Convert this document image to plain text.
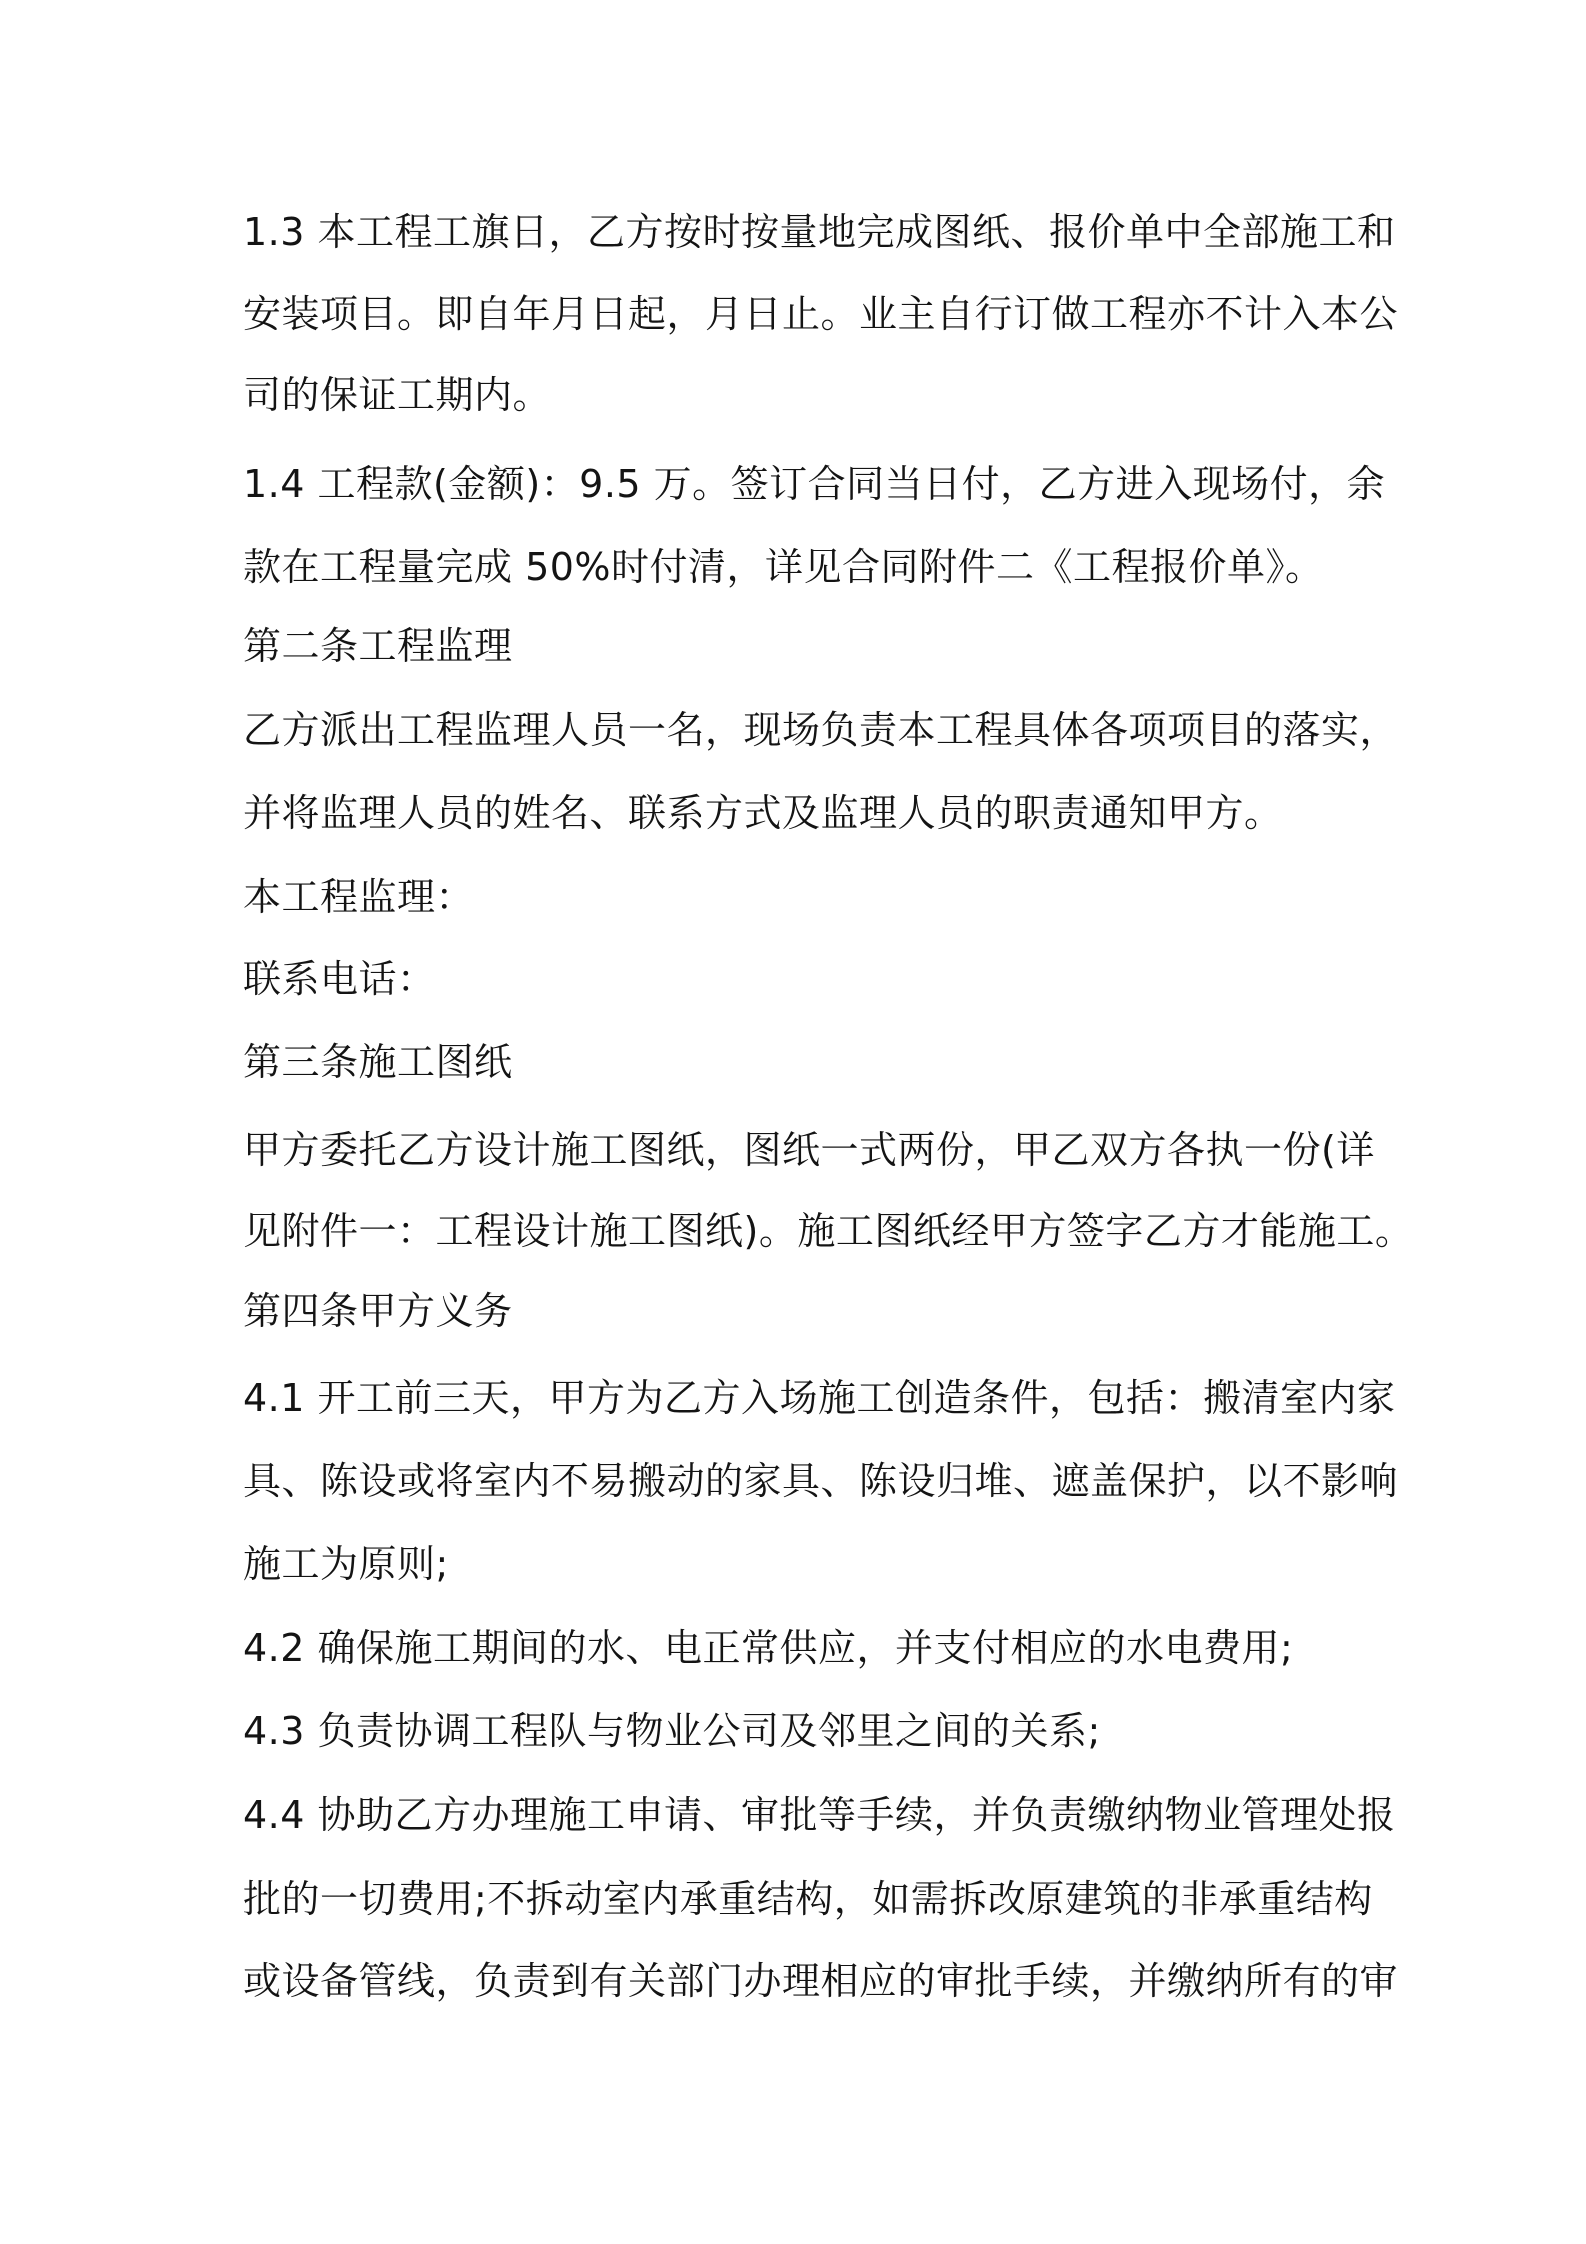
1.3 本工程工旗日，乙方按时按量地完成图纸、报价单中全部施工和
安装项目。即自年月日起，月日止。业主自行订做工程亦不计入本公
司的保证工期内。
1.4 工程款(金额)：9.5 万。签订合同当日付，乙方进入现场付，余
款在工程量完成 50%时付清，详见合同附件二《工程报价单》。
第二条工程监理
乙方派出工程监理人员一名，现场负责本工程具体各项项目的落实，
并将监理人员的姓名、联系方式及监理人员的职责通知甲方。
本工程监理：
联系电话：
第三条施工图纸
甲方委托乙方设计施工图纸，图纸一式两份，甲乙双方各执一份(详
见附件一：工程设计施工图纸)。施工图纸经甲方签字乙方才能施工。
第四条甲方义务
4.1 开工前三天，甲方为乙方入场施工创造条件，包括：搬清室内家
具、陈设或将室内不易搬动的家具、陈设归堆、遮盖保护，以不影响
施工为原则;
4.2 确保施工期间的水、电正常供应，并支付相应的水电费用;
4.3 负责协调工程队与物业公司及邻里之间的关系;
4.4 协助乙方办理施工申请、审批等手续，并负责缴纳物业管理处报
批的一切费用;不拆动室内承重结构，如需拆改原建筑的非承重结构
或设备管线，负责到有关部门办理相应的审批手续，并缴纳所有的审
